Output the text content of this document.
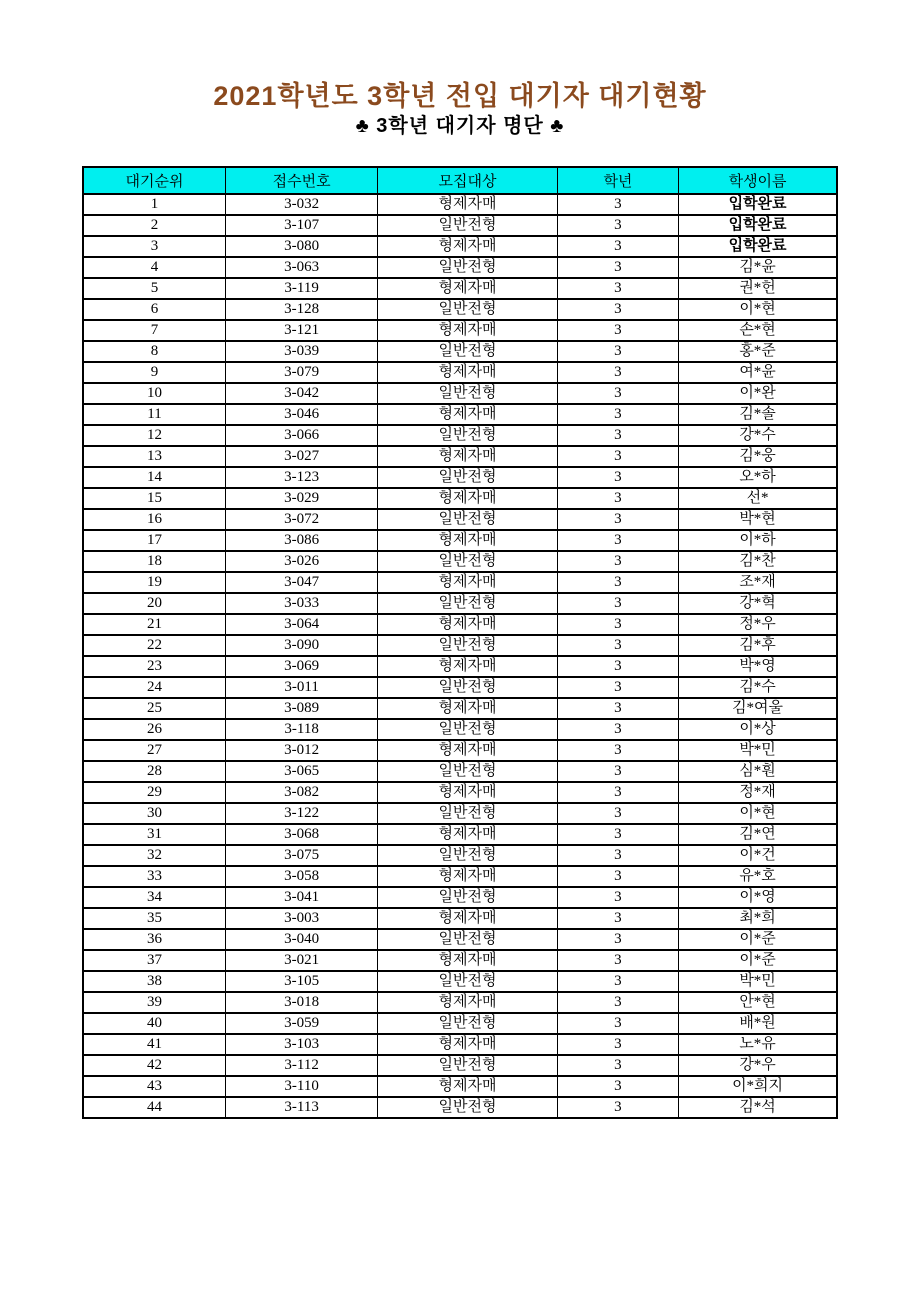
2021학년도 3학년 전입 대기자 대기현황
♣ 3학년 대기자 명단 ♣
대기순위	접수번호	모집대상	학년	학생이름
1	3-032	형제자매	3	입학완료
2	3-107	일반전형	3	입학완료
3	3-080	형제자매	3	입학완료
4	3-063	일반전형	3	김*윤
5	3-119	형제자매	3	권*헌
6	3-128	일반전형	3	이*현
7	3-121	형제자매	3	손*현
8	3-039	일반전형	3	홍*준
9	3-079	형제자매	3	여*윤
10	3-042	일반전형	3	이*완
11	3-046	형제자매	3	김*솔
12	3-066	일반전형	3	강*수
13	3-027	형제자매	3	김*웅
14	3-123	일반전형	3	오*하
15	3-029	형제자매	3	선*
16	3-072	일반전형	3	박*현
17	3-086	형제자매	3	이*하
18	3-026	일반전형	3	김*찬
19	3-047	형제자매	3	조*재
20	3-033	일반전형	3	강*혁
21	3-064	형제자매	3	정*우
22	3-090	일반전형	3	김*후
23	3-069	형제자매	3	박*영
24	3-011	일반전형	3	김*수
25	3-089	형제자매	3	김*여울
26	3-118	일반전형	3	이*상
27	3-012	형제자매	3	박*민
28	3-065	일반전형	3	심*훤
29	3-082	형제자매	3	정*재
30	3-122	일반전형	3	이*현
31	3-068	형제자매	3	김*연
32	3-075	일반전형	3	이*건
33	3-058	형제자매	3	유*호
34	3-041	일반전형	3	이*영
35	3-003	형제자매	3	최*희
36	3-040	일반전형	3	이*준
37	3-021	형제자매	3	이*준
38	3-105	일반전형	3	박*민
39	3-018	형제자매	3	안*현
40	3-059	일반전형	3	배*원
41	3-103	형제자매	3	노*유
42	3-112	일반전형	3	강*우
43	3-110	형제자매	3	이*희지
44	3-113	일반전형	3	김*석
